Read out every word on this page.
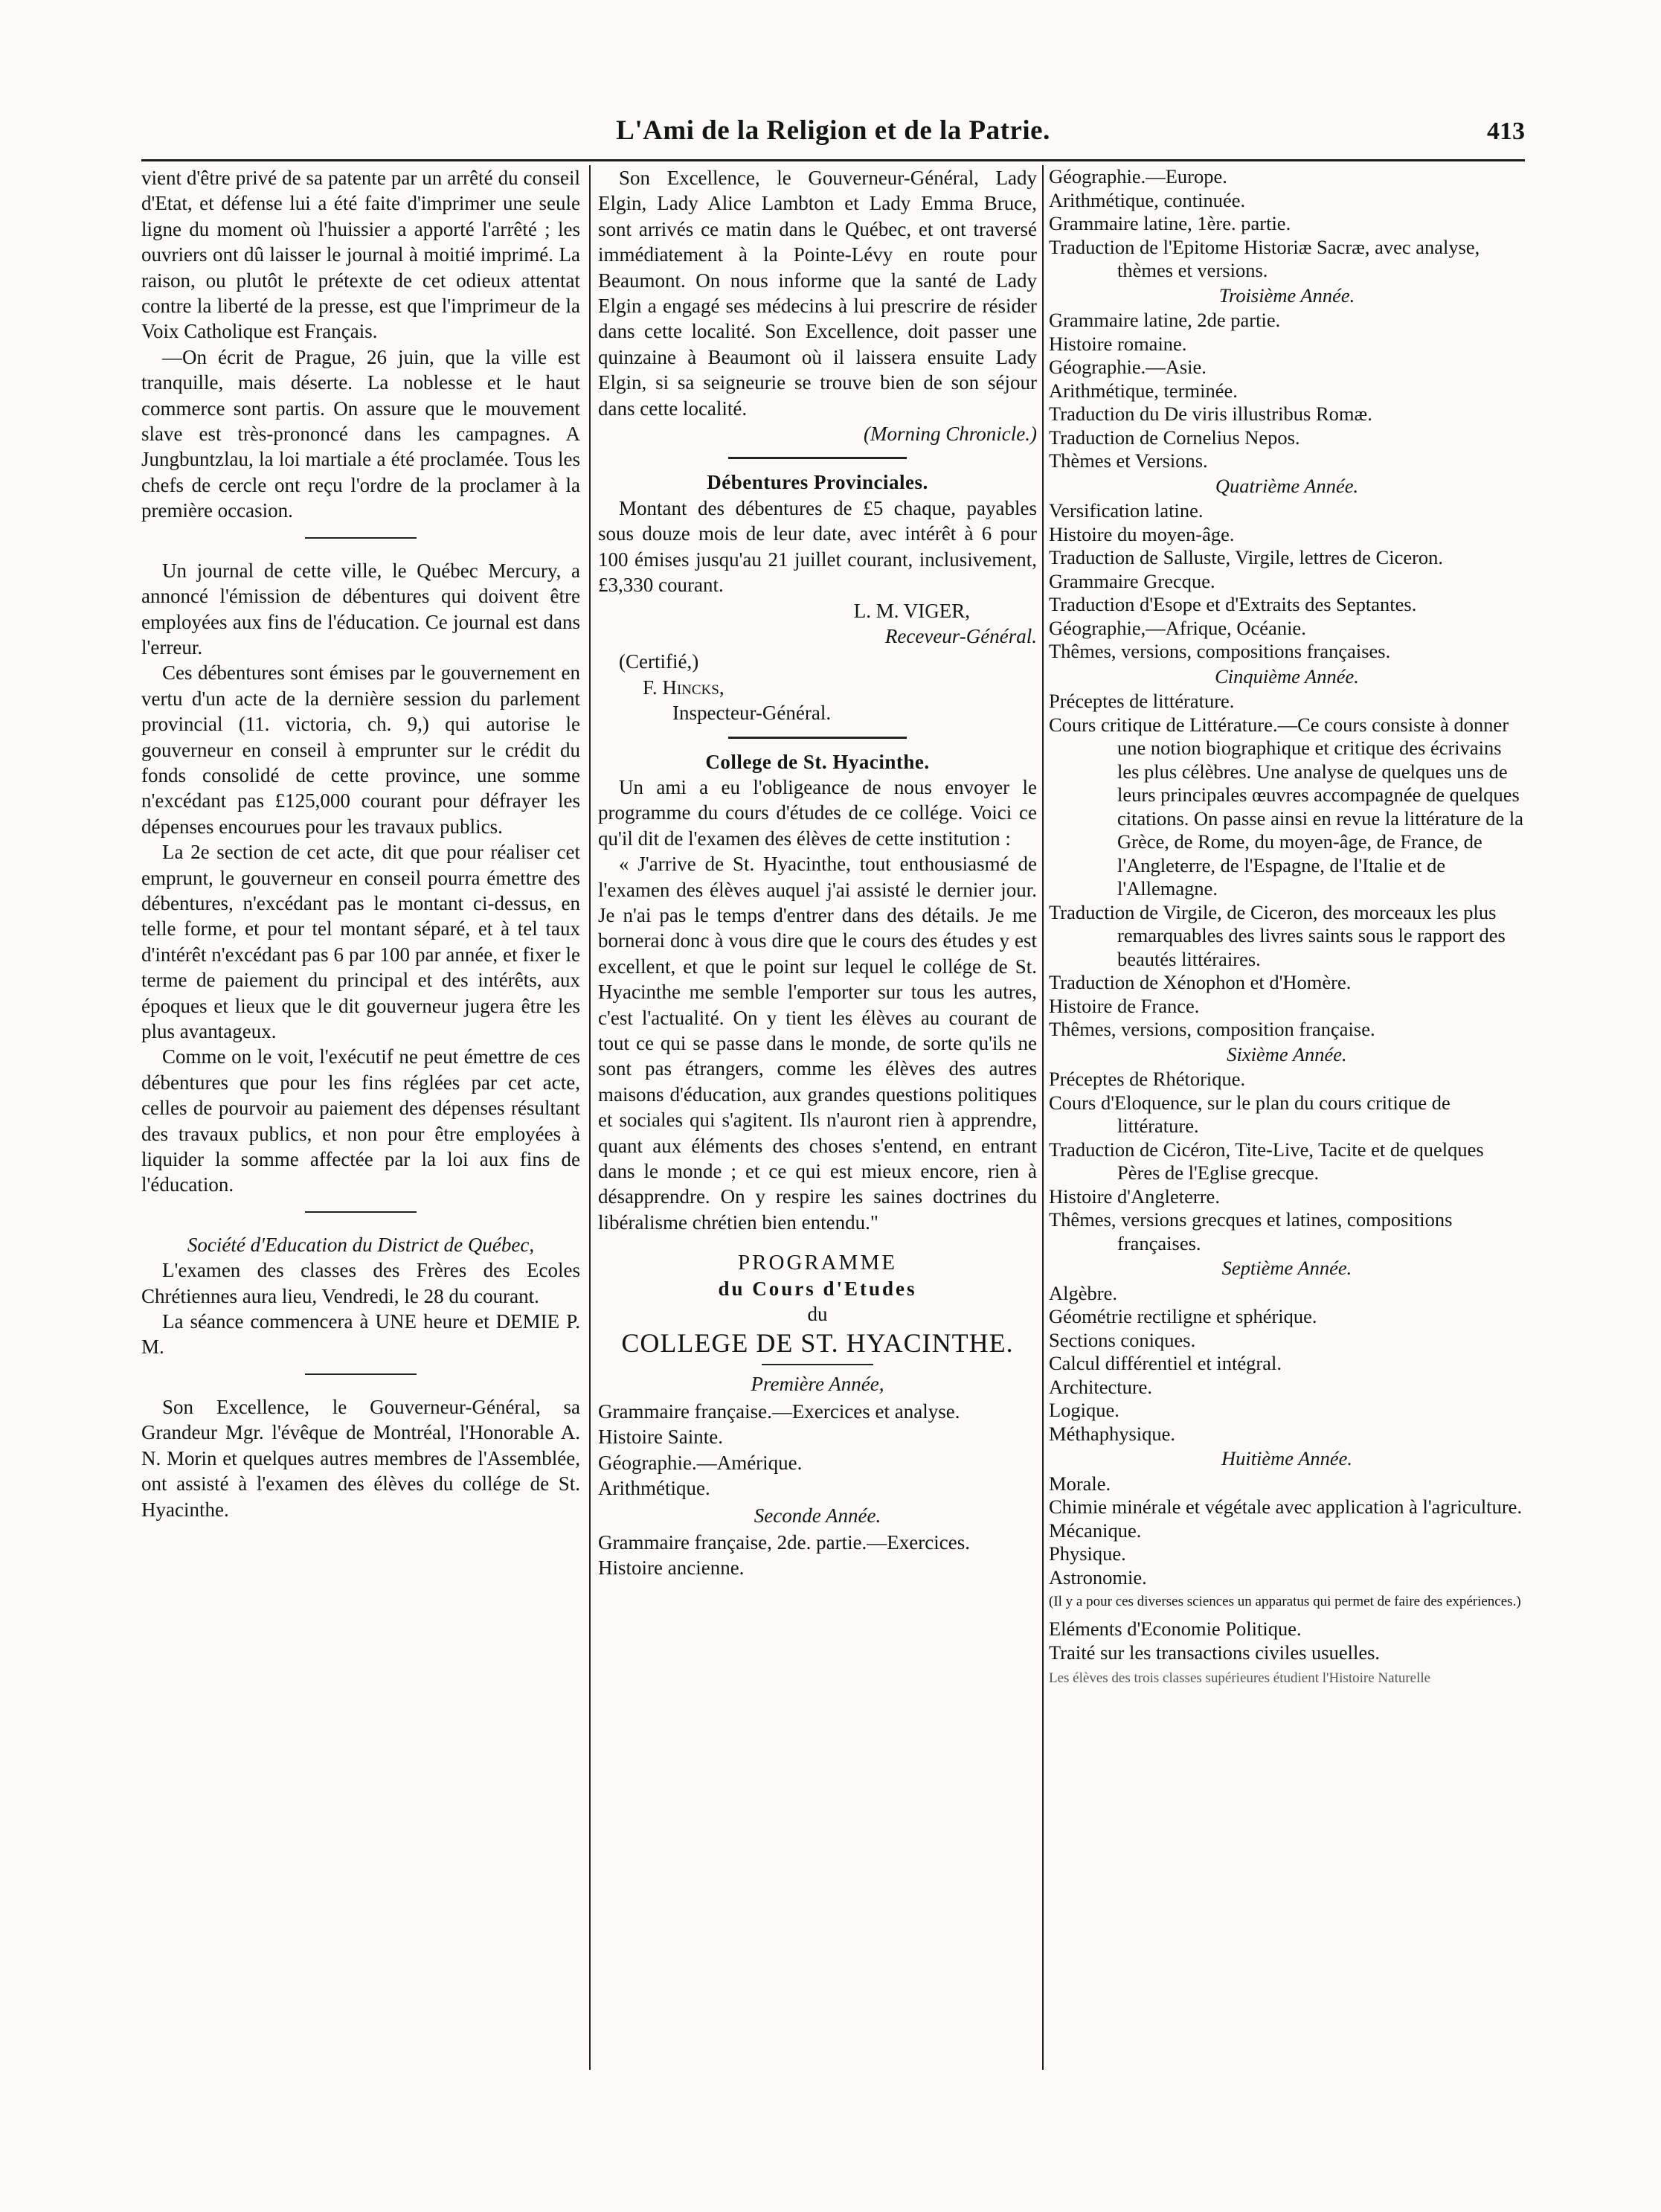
L'Ami de la Religion et de la Patrie.	413

vient d'être privé de sa patente par un arrêté du conseil d'Etat, et défense lui a été faite d'imprimer une seule ligne du moment où l'huissier a apporté l'arrêté ; les ouvriers ont dû laisser le journal à moitié imprimé. La raison, ou plutôt le prétexte de cet odieux attentat contre la liberté de la presse, est que l'imprimeur de la Voix Catholique est Français.

—On écrit de Prague, 26 juin, que la ville est tranquille, mais déserte. La noblesse et le haut commerce sont partis. On assure que le mouvement slave est très-prononcé dans les campagnes. A Jungbuntzlau, la loi martiale a été proclamée. Tous les chefs de cercle ont reçu l'ordre de la proclamer à la première occasion.

Un journal de cette ville, le Québec Mercury, a annoncé l'émission de débentures qui doivent être employées aux fins de l'éducation. Ce journal est dans l'erreur.

Ces débentures sont émises par le gouvernement en vertu d'un acte de la dernière session du parlement provincial (11. victoria, ch. 9,) qui autorise le gouverneur en conseil à emprunter sur le crédit du fonds consolidé de cette province, une somme n'excédant pas £125,000 courant pour défrayer les dépenses encourues pour les travaux publics.

La 2e section de cet acte, dit que pour réaliser cet emprunt, le gouverneur en conseil pourra émettre des débentures, n'excédant pas le montant ci-dessus, en telle forme, et pour tel montant séparé, et à tel taux d'intérêt n'excédant pas 6 par 100 par année, et fixer le terme de paiement du principal et des intérêts, aux époques et lieux que le dit gouverneur jugera être les plus avantageux.

Comme on le voit, l'exécutif ne peut émettre de ces débentures que pour les fins réglées par cet acte, celles de pourvoir au paiement des dépenses résultant des travaux publics, et non pour être employées à liquider la somme affectée par la loi aux fins de l'éducation.

Société d'Education du District de Québec,

L'examen des classes des Frères des Ecoles Chrétiennes aura lieu, Vendredi, le 28 du courant.

La séance commencera à UNE heure et DEMIE P. M.

Son Excellence, le Gouverneur-Général, sa Grandeur Mgr. l'évêque de Montréal, l'Honorable A. N. Morin et quelques autres membres de l'Assemblée, ont assisté à l'examen des élèves du collége de St. Hyacinthe.

Son Excellence, le Gouverneur-Général, Lady Elgin, Lady Alice Lambton et Lady Emma Bruce, sont arrivés ce matin dans le Québec, et ont traversé immédiatement à la Pointe-Lévy en route pour Beaumont. On nous informe que la santé de Lady Elgin a engagé ses médecins à lui prescrire de résider dans cette localité. Son Excellence, doit passer une quinzaine à Beaumont où il laissera ensuite Lady Elgin, si sa seigneurie se trouve bien de son séjour dans cette localité.

(Morning Chronicle.)

Débentures Provinciales.

Montant des débentures de £5 chaque, payables sous douze mois de leur date, avec intérêt à 6 pour 100 émises jusqu'au 21 juillet courant, inclusivement, £3,330 courant.

L. M. VIGER,

Receveur-Général.

(Certifié,)

F. Hincks,

Inspecteur-Général.

College de St. Hyacinthe.

Un ami a eu l'obligeance de nous envoyer le programme du cours d'études de ce collége. Voici ce qu'il dit de l'examen des élèves de cette institution :

« J'arrive de St. Hyacinthe, tout enthousiasmé de l'examen des élèves auquel j'ai assisté le dernier jour. Je n'ai pas le temps d'entrer dans des détails. Je me bornerai donc à vous dire que le cours des études y est excellent, et que le point sur lequel le collége de St. Hyacinthe me semble l'emporter sur tous les autres, c'est l'actualité. On y tient les élèves au courant de tout ce qui se passe dans le monde, de sorte qu'ils ne sont pas étrangers, comme les élèves des autres maisons d'éducation, aux grandes questions politiques et sociales qui s'agitent. Ils n'auront rien à apprendre, quant aux éléments des choses s'entend, en entrant dans le monde ; et ce qui est mieux encore, rien à désapprendre. On y respire les saines doctrines du libéralisme chrétien bien entendu."

PROGRAMME

du Cours d'Etudes

du

COLLEGE DE ST. HYACINTHE.

Première Année,

Grammaire française.—Exercices et analyse.

Histoire Sainte.

Géographie.—Amérique.

Arithmétique.

Seconde Année.

Grammaire française, 2de. partie.—Exercices.

Histoire ancienne.

Géographie.—Europe.

Arithmétique, continuée.

Grammaire latine, 1ère. partie.

Traduction de l'Epitome Historiæ Sacræ, avec analyse, thèmes et versions.

Troisième Année.

Grammaire latine, 2de partie.

Histoire romaine.

Géographie.—Asie.

Arithmétique, terminée.

Traduction du De viris illustribus Romæ.

Traduction de Cornelius Nepos.

Thèmes et Versions.

Quatrième Année.

Versification latine.

Histoire du moyen-âge.

Traduction de Salluste, Virgile, lettres de Ciceron.

Grammaire Grecque.

Traduction d'Esope et d'Extraits des Septantes.

Géographie,—Afrique, Océanie.

Thêmes, versions, compositions françaises.

Cinquième Année.

Préceptes de littérature.

Cours critique de Littérature.—Ce cours consiste à donner une notion biographique et critique des écrivains les plus célèbres. Une analyse de quelques uns de leurs principales œuvres accompagnée de quelques citations. On passe ainsi en revue la littérature de la Grèce, de Rome, du moyen-âge, de France, de l'Angleterre, de l'Espagne, de l'Italie et de l'Allemagne.

Traduction de Virgile, de Ciceron, des morceaux les plus remarquables des livres saints sous le rapport des beautés littéraires.

Traduction de Xénophon et d'Homère.

Histoire de France.

Thêmes, versions, composition française.

Sixième Année.

Préceptes de Rhétorique.

Cours d'Eloquence, sur le plan du cours critique de littérature.

Traduction de Cicéron, Tite-Live, Tacite et de quelques Pères de l'Eglise grecque.

Histoire d'Angleterre.

Thêmes, versions grecques et latines, compositions françaises.

Septième Année.

Algèbre.

Géométrie rectiligne et sphérique.

Sections coniques.

Calcul différentiel et intégral.

Architecture.

Logique.

Méthaphysique.

Huitième Année.

Morale.

Chimie minérale et végétale avec application à l'agriculture.

Mécanique.

Physique.

Astronomie.

(Il y a pour ces diverses sciences un apparatus qui permet de faire des expériences.)

Eléments d'Economie Politique.

Traité sur les transactions civiles usuelles.

Les élèves des trois classes supérieures étudient l'Histoire Naturelle
